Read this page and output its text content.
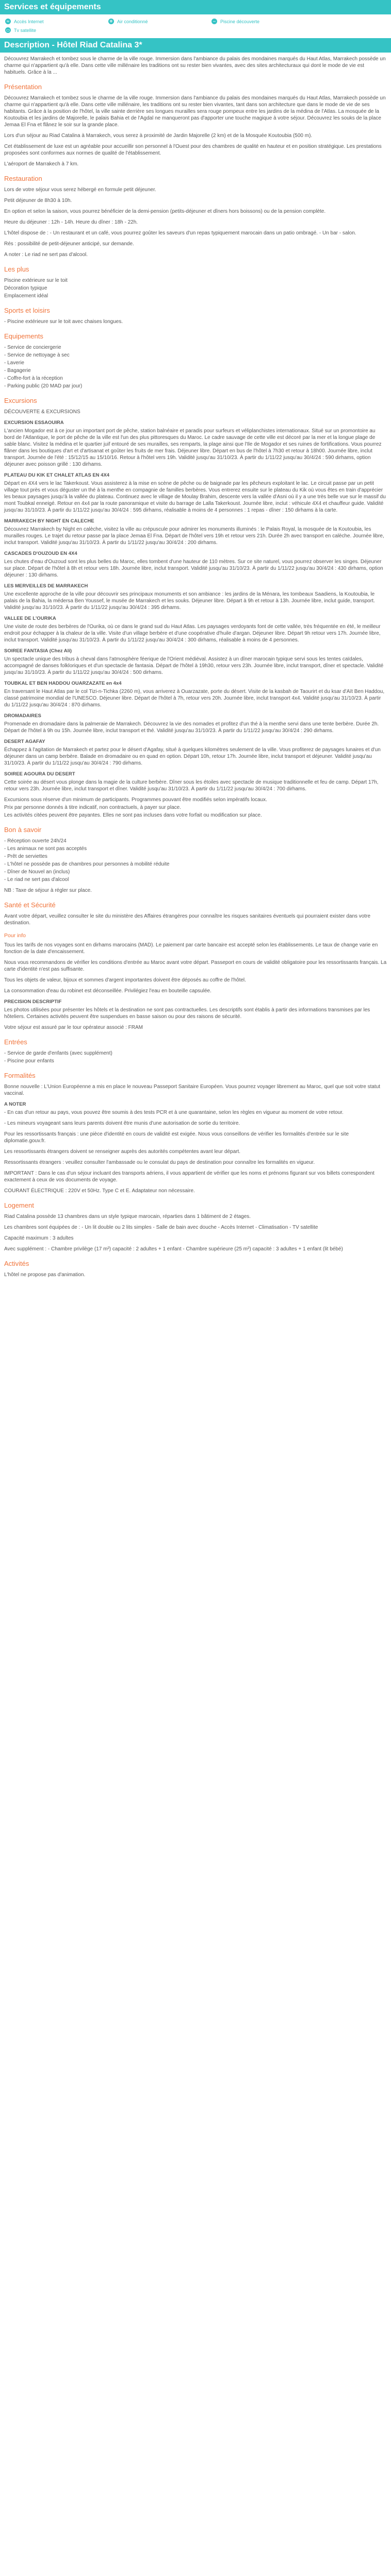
Services et équipements
≈ Accès Internet	❄ Air conditionné	~ Piscine découverte
▭ Tv satellite
Description - Hôtel Riad Catalina 3*

Découvrez Marrakech et tombez sous le charme de la ville rouge. Immersion dans l'ambiance du palais des mondaines marqués du Haut Atlas, Marrakech possède un charme qui n'appartient qu'à elle. Dans cette ville millénaire les traditions ont su rester bien vivantes, avec des sites architecturaux qui dont le mode de vie est habituels. Grâce à la ...

Présentation

Découvrez Marrakech et tombez sous le charme de la ville rouge. Immersion dans l'ambiance du palais des mondaines marqués du Haut Atlas, Marrakech possède un charme qui n'appartient qu'à elle. Dans cette ville millénaire, les traditions ont su rester bien vivantes, tant dans son architecture que dans le mode de vie de ses habitants. Grâce à la position de l'hôtel, la ville sainte derrière ses longues murailles sera rouge pompeux entre les jardins de la médina de l'Atlas. La mosquée de la Koutoubia et les jardins de Majorelle, le palais Bahia et de l'Agdal ne manqueront pas d'apporter une touche magique à votre séjour. Découvrez les souks de la place Jemaa El Fna et flânez le soir sur la grande place.

Lors d'un séjour au Riad Catalina à Marrakech, vous serez à proximité de Jardin Majorelle (2 km) et de la Mosquée Koutoubia (500 m).

Cet établissement de luxe est un agréable pour accueillir son personnel à l'Ouest pour des chambres de qualité en hauteur et en position stratégique. Les prestations proposées sont conformes aux normes de qualité de l'établissement.

L'aéroport de Marrakech à 7 km.

Restauration

Lors de votre séjour vous serez hébergé en formule petit déjeuner.

Petit déjeuner de 8h30 à 10h.

En option et selon la saison, vous pourrez bénéficier de la demi-pension (petits-déjeuner et dîners hors boissons) ou de la pension complète.

Heure du déjeuner : 12h - 14h. Heure du dîner : 18h - 22h.

L'hôtel dispose de : - Un restaurant et un café, vous pourrez goûter les saveurs d'un repas typiquement marocain dans un patio ombragé. - Un bar - salon.

Rés : possibilité de petit-déjeuner anticipé, sur demande.

A noter : Le riad ne sert pas d'alcool.

Les plus

Piscine extérieure sur le toit

Décoration typique

Emplacement idéal

Sports et loisirs

- Piscine extérieure sur le toit avec chaises longues.

Equipements

- Service de conciergerie

- Service de nettoyage à sec

- Laverie

- Bagagerie

- Coffre-fort à la réception

- Parking public (20 MAD par jour)

Excursions

DÉCOUVERTE & EXCURSIONS

EXCURSION ESSAOUIRA

L'ancien Mogador est à ce jour un important port de pêche, station balnéaire et paradis pour surfeurs et véliplanchistes internationaux. Situé sur un promontoire au bord de l'Atlantique, le port de pêche de la ville est l'un des plus pittoresques du Maroc. Le cadre sauvage de cette ville est décoré par la mer et la longue plage de sable blanc. Visitez la médina et le quartier juif entouré de ses murailles, ses remparts, la plage ainsi que l'Ile de Mogador et ses ruines de fortifications. Vous pourrez flâner dans les boutiques d'art et d'artisanat et goûter les fruits de mer frais. Déjeuner libre. Départ en bus de l'hôtel à 7h30 et retour à 18h00. Journée libre, inclut transport. Journée de l'été : 15/12/15 au 15/10/16. Retour à l'hôtel vers 19h. Validité jusqu'au 31/10/23. À partir du 1/11/22 jusqu'au 30/4/24 : 590 dirhams, option déjeuner avec poisson grillé : 130 dirhams.

PLATEAU DU KIK ET CHALET ATLAS EN 4X4

Départ en 4X4 vers le lac Takerkoust. Vous assisterez à la mise en scène de pêche ou de baignade par les pêcheurs exploitant le lac. Le circuit passe par un petit village tout près et vous déguster un thé à la menthe en compagnie de familles berbères. Vous entrerez ensuite sur le plateau du Kik où vous êtes en train d'apprécier les beaux paysages jusqu'à la vallée du plateau. Continuez avec le village de Moulay Brahim, descente vers la vallée d'Asni où il y a une très belle vue sur le massif du mont Toubkal enneigé. Retour en 4x4 par la route panoramique et visite du barrage de Lalla Takerkoust. Journée libre, inclut : véhicule 4X4 et chauffeur guide. Validité jusqu'au 31/10/23. À partir du 1/11/22 jusqu'au 30/4/24 : 595 dirhams, réalisable à moins de 4 personnes : 1 repas - dîner : 150 dirhams à la carte.

MARRAKECH BY NIGHT EN CALECHE

Découvrez Marrakech by Night en calèche, visitez la ville au crépuscule pour admirer les monuments illuminés : le Palais Royal, la mosquée de la Koutoubia, les murailles rouges. Le trajet du retour passe par la place Jemaa El Fna. Départ de l'hôtel vers 19h et retour vers 21h. Durée 2h avec transport en calèche. Journée libre, inclut transport. Validité jusqu'au 31/10/23. À partir du 1/11/22 jusqu'au 30/4/24 : 200 dirhams.

CASCADES D'OUZOUD EN 4X4

Les chutes d'eau d'Ouzoud sont les plus belles du Maroc, elles tombent d'une hauteur de 110 mètres. Sur ce site naturel, vous pourrez observer les singes. Déjeuner sur place. Départ de l'hôtel à 8h et retour vers 18h. Journée libre, inclut transport. Validité jusqu'au 31/10/23. À partir du 1/11/22 jusqu'au 30/4/24 : 430 dirhams, option déjeuner : 130 dirhams.

LES MERVEILLES DE MARRAKECH

Une excellente approche de la ville pour découvrir ses principaux monuments et son ambiance : les jardins de la Ménara, les tombeaux Saadiens, la Koutoubia, le palais de la Bahia, la médersa Ben Youssef, le musée de Marrakech et les souks. Déjeuner libre. Départ à 9h et retour à 13h. Journée libre, inclut guide, transport. Validité jusqu'au 31/10/23. À partir du 1/11/22 jusqu'au 30/4/24 : 395 dirhams.

VALLEE DE L'OURIKA

Une visite de route des berbères de l'Ourika, où ce dans le grand sud du Haut Atlas. Les paysages verdoyants font de cette vallée, très fréquentée en été, le meilleur endroit pour échapper à la chaleur de la ville. Visite d'un village berbère et d'une coopérative d'huile d'argan. Déjeuner libre. Départ 9h retour vers 17h. Journée libre, inclut transport. Validité jusqu'au 31/10/23. À partir du 1/11/22 jusqu'au 30/4/24 : 300 dirhams, réalisable à moins de 4 personnes.

SOIREE FANTASIA (Chez Ali)

Un spectacle unique des tribus à cheval dans l'atmosphère féerique de l'Orient médiéval. Assistez à un dîner marocain typique servi sous les tentes caïdales, accompagné de danses folkloriques et d'un spectacle de fantasia. Départ de l'hôtel à 19h30, retour vers 23h. Journée libre, inclut transport, dîner et spectacle. Validité jusqu'au 31/10/23. À partir du 1/11/22 jusqu'au 30/4/24 : 500 dirhams.

TOUBKAL ET BEN HADDOU OUARZAZATE en 4x4

En traversant le Haut Atlas par le col Tizi-n-Tichka (2260 m), vous arriverez à Ouarzazate, porte du désert. Visite de la kasbah de Taourirt et du ksar d'Aït Ben Haddou, classé patrimoine mondial de l'UNESCO. Déjeuner libre. Départ de l'hôtel à 7h, retour vers 20h. Journée libre, inclut transport 4x4. Validité jusqu'au 31/10/23. À partir du 1/11/22 jusqu'au 30/4/24 : 870 dirhams.

DROMADAIRES

Promenade en dromadaire dans la palmeraie de Marrakech. Découvrez la vie des nomades et profitez d'un thé à la menthe servi dans une tente berbère. Durée 2h. Départ de l'hôtel à 9h ou 15h. Journée libre, inclut transport et thé. Validité jusqu'au 31/10/23. À partir du 1/11/22 jusqu'au 30/4/24 : 290 dirhams.

DESERT AGAFAY

Échappez à l'agitation de Marrakech et partez pour le désert d'Agafay, situé à quelques kilomètres seulement de la ville. Vous profiterez de paysages lunaires et d'un déjeuner dans un camp berbère. Balade en dromadaire ou en quad en option. Départ 10h, retour 17h. Journée libre, inclut transport et déjeuner. Validité jusqu'au 31/10/23. À partir du 1/11/22 jusqu'au 30/4/24 : 790 dirhams.

SOIREE AGOURA DU DESERT

Cette soirée au désert vous plonge dans la magie de la culture berbère. Dîner sous les étoiles avec spectacle de musique traditionnelle et feu de camp. Départ 17h, retour vers 23h. Journée libre, inclut transport et dîner. Validité jusqu'au 31/10/23. À partir du 1/11/22 jusqu'au 30/4/24 : 700 dirhams.

Excursions sous réserve d'un minimum de participants. Programmes pouvant être modifiés selon impératifs locaux.

Prix par personne donnés à titre indicatif, non contractuels, à payer sur place.

Les activités citées peuvent être payantes. Elles ne sont pas incluses dans votre forfait ou modification sur place.

Bon à savoir

- Réception ouverte 24h/24

- Les animaux ne sont pas acceptés

- Prêt de serviettes

- L'hôtel ne possède pas de chambres pour personnes à mobilité réduite

- Dîner de Nouvel an (inclus)

- Le riad ne sert pas d'alcool

NB : Taxe de séjour à régler sur place.

Santé et Sécurité

Avant votre départ, veuillez consulter le site du ministère des Affaires étrangères pour connaître les risques sanitaires éventuels qui pourraient exister dans votre destination.

Pour info

Tous les tarifs de nos voyages sont en dirhams marocains (MAD). Le paiement par carte bancaire est accepté selon les établissements. Le taux de change varie en fonction de la date d'encaissement.

Nous vous recommandons de vérifier les conditions d'entrée au Maroc avant votre départ. Passeport en cours de validité obligatoire pour les ressortissants français. La carte d'identité n'est pas suffisante.

Tous les objets de valeur, bijoux et sommes d'argent importantes doivent être déposés au coffre de l'hôtel.

La consommation d'eau du robinet est déconseillée. Privilégiez l'eau en bouteille capsulée.

PRECISION DESCRIPTIF

Les photos utilisées pour présenter les hôtels et la destination ne sont pas contractuelles. Les descriptifs sont établis à partir des informations transmises par les hôteliers. Certaines activités peuvent être suspendues en basse saison ou pour des raisons de sécurité.

Votre séjour est assuré par le tour opérateur associé : FRAM

Entrées

- Service de garde d'enfants (avec supplément)

- Piscine pour enfants

Formalités

Bonne nouvelle : L'Union Européenne a mis en place le nouveau Passeport Sanitaire Européen. Vous pourrez voyager librement au Maroc, quel que soit votre statut vaccinal.

A NOTER

- En cas d'un retour au pays, vous pouvez être soumis à des tests PCR et à une quarantaine, selon les règles en vigueur au moment de votre retour.

- Les mineurs voyageant sans leurs parents doivent être munis d'une autorisation de sortie du territoire.

Pour les ressortissants français : une pièce d'identité en cours de validité est exigée. Nous vous conseillons de vérifier les formalités d'entrée sur le site diplomatie.gouv.fr.

Les ressortissants étrangers doivent se renseigner auprès des autorités compétentes avant leur départ.

Ressortissants étrangers : veuillez consulter l'ambassade ou le consulat du pays de destination pour connaître les formalités en vigueur.

IMPORTANT : Dans le cas d'un séjour incluant des transports aériens, il vous appartient de vérifier que les noms et prénoms figurant sur vos billets correspondent exactement à ceux de vos documents de voyage.

COURANT ÉLECTRIQUE : 220V et 50Hz. Type C et E. Adaptateur non nécessaire.

Logement

Riad Catalina possède 13 chambres dans un style typique marocain, réparties dans 1 bâtiment de 2 étages.

Les chambres sont équipées de : - Un lit double ou 2 lits simples - Salle de bain avec douche - Accès Internet - Climatisation - TV satellite

Capacité maximum : 3 adultes

Avec supplément : - Chambre privilège (17 m²) capacité : 2 adultes + 1 enfant - Chambre supérieure (25 m²) capacité : 3 adultes + 1 enfant (lit bébé)

Activités

L'hôtel ne propose pas d'animation.
